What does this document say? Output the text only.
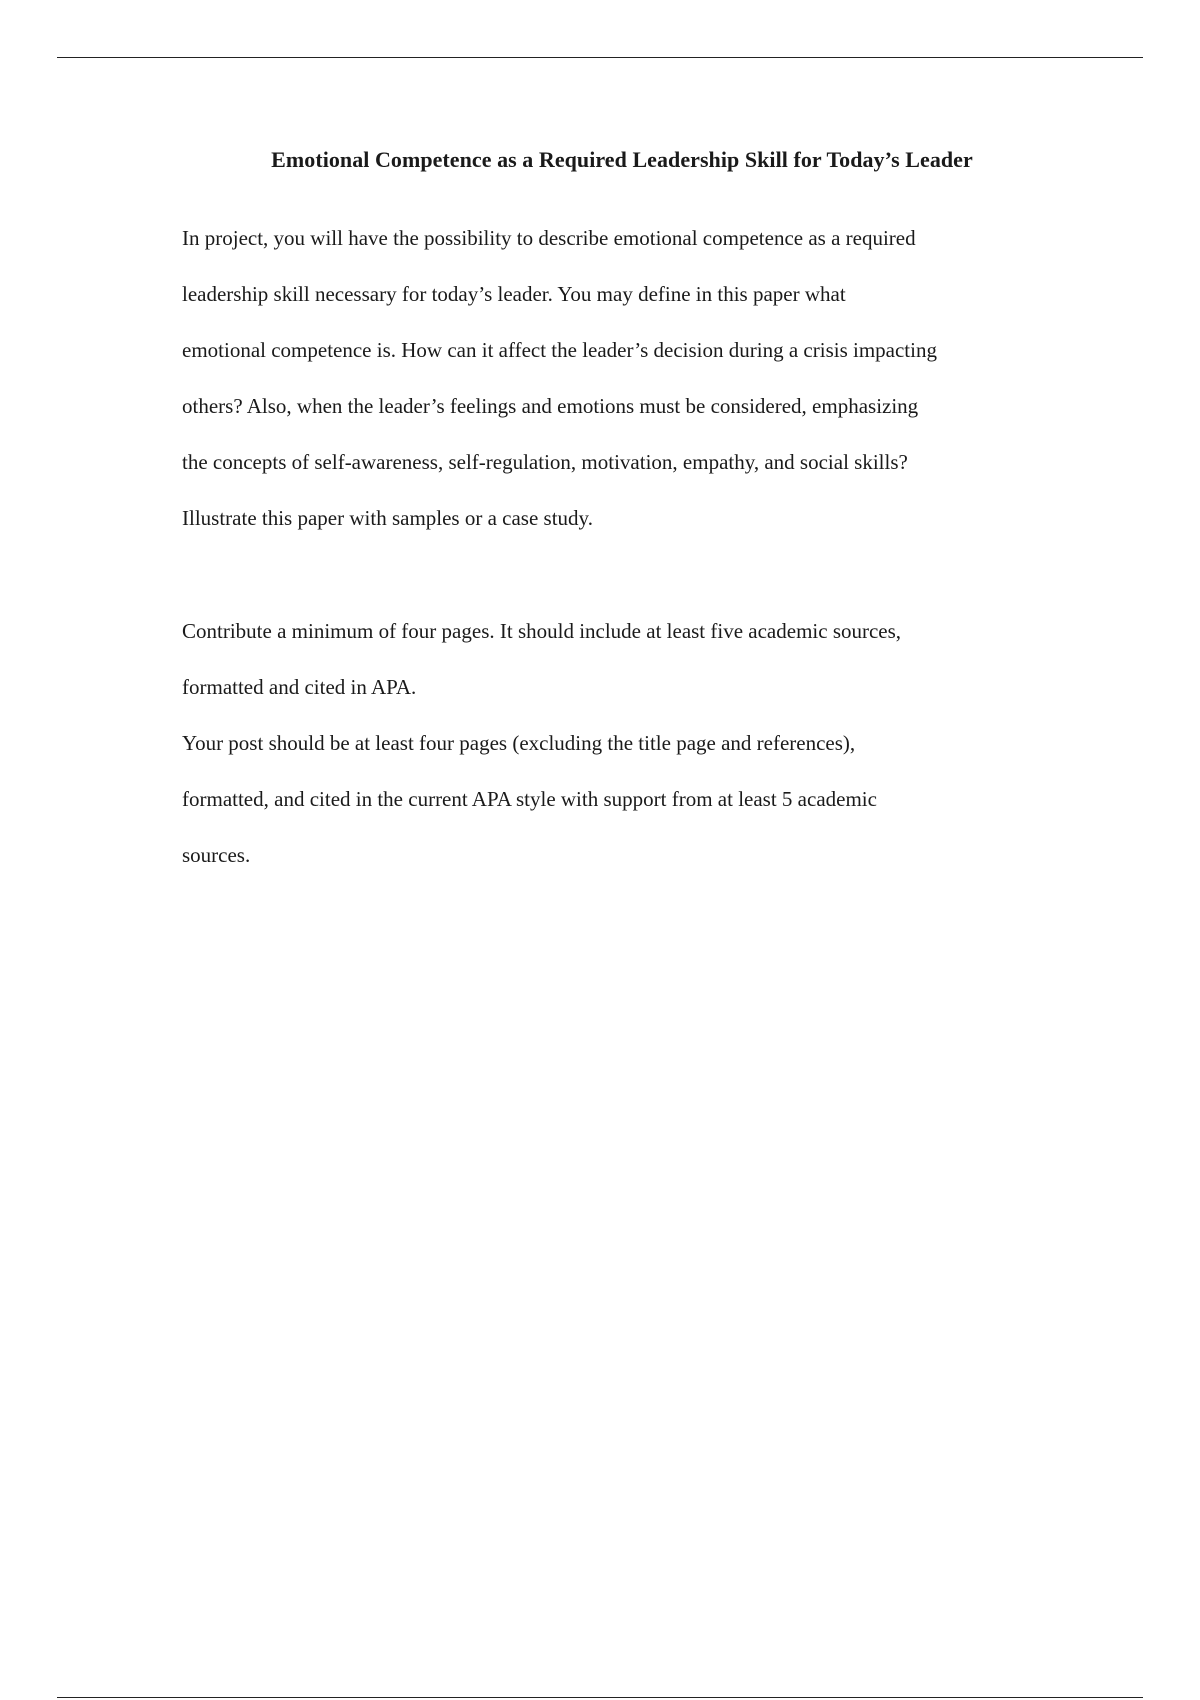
Emotional Competence as a Required Leadership Skill for Today’s Leader

In project, you will have the possibility to describe emotional competence as a required
leadership skill necessary for today’s leader. You may define in this paper what
emotional competence is. How can it affect the leader’s decision during a crisis impacting
others? Also, when the leader’s feelings and emotions must be considered, emphasizing
the concepts of self-awareness, self-regulation, motivation, empathy, and social skills?
Illustrate this paper with samples or a case study.

Contribute a minimum of four pages. It should include at least five academic sources,
formatted and cited in APA.

Your post should be at least four pages (excluding the title page and references),
formatted, and cited in the current APA style with support from at least 5 academic
sources.
